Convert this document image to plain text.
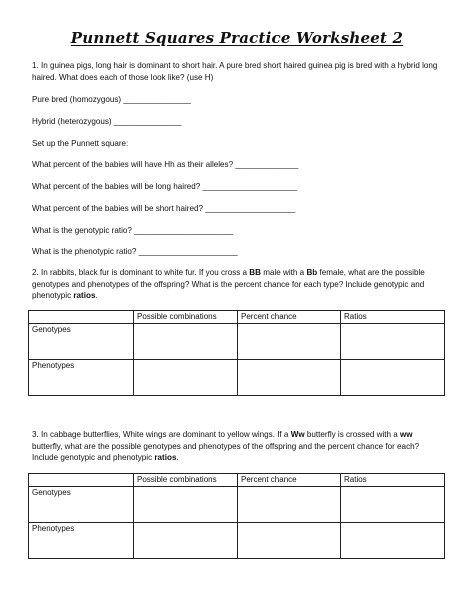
Punnett Squares Practice Worksheet 2

1. In guinea pigs, long hair is dominant to short hair. A pure bred short haired guinea pig is bred with a hybrid long haired. What does each of those look like? (use H)

Pure bred (homozygous) _______________

Hybrid (heterozygous) _______________

Set up the Punnett square:

What percent of the babies will have Hh as their alleles? ______________

What percent of the babies will be long haired? _____________________

What percent of the babies will be short haired? ____________________

What is the genotypic ratio? ______________________

What is the phenotypic ratio? ______________________

2. In rabbits, black fur is dominant to white fur. If you cross a BB male with a Bb female, what are the possible genotypes and phenotypes of the offspring? What is the percent chance for each type? Include genotypic and phenotypic ratios.

	Possible combinations	Percent chance	Ratios
Genotypes			
Phenotypes			

3. In cabbage butterflies, White wings are dominant to yellow wings. If a Ww butterfly is crossed with a ww butterfly, what are the possible genotypes and phenotypes of the offspring and the percent chance for each? Include genotypic and phenotypic ratios.

	Possible combinations	Percent chance	Ratios
Genotypes			
Phenotypes			
